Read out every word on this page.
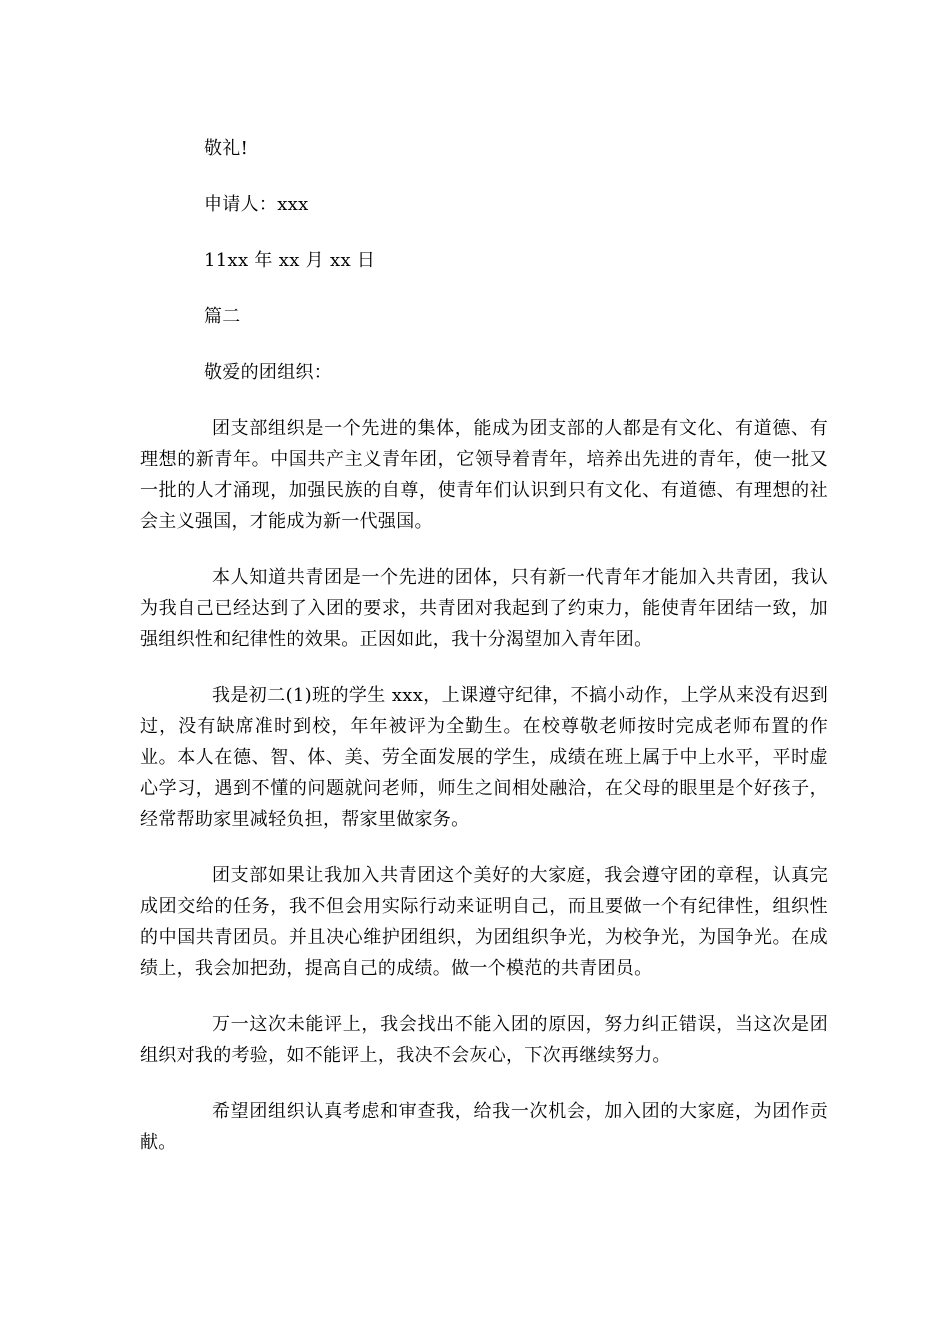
敬礼!

申请人：xxx

11xx 年 xx 月 xx 日

篇二

敬爱的团组织：

团支部组织是一个先进的集体，能成为团支部的人都是有文化、有道德、有理想的新青年。中国共产主义青年团，它领导着青年，培养出先进的青年，使一批又一批的人才涌现，加强民族的自尊，使青年们认识到只有文化、有道德、有理想的社会主义强国，才能成为新一代强国。

本人知道共青团是一个先进的团体，只有新一代青年才能加入共青团，我认为我自己已经达到了入团的要求，共青团对我起到了约束力，能使青年团结一致，加强组织性和纪律性的效果。正因如此，我十分渴望加入青年团。

我是初二(1)班的学生 xxx，上课遵守纪律，不搞小动作，上学从来没有迟到过，没有缺席准时到校，年年被评为全勤生。在校尊敬老师按时完成老师布置的作业。本人在德、智、体、美、劳全面发展的学生，成绩在班上属于中上水平，平时虚心学习，遇到不懂的问题就问老师，师生之间相处融洽，在父母的眼里是个好孩子，经常帮助家里减轻负担，帮家里做家务。

团支部如果让我加入共青团这个美好的大家庭，我会遵守团的章程，认真完成团交给的任务，我不但会用实际行动来证明自己，而且要做一个有纪律性，组织性的中国共青团员。并且决心维护团组织，为团组织争光，为校争光，为国争光。在成绩上，我会加把劲，提高自己的成绩。做一个模范的共青团员。

万一这次未能评上，我会找出不能入团的原因，努力纠正错误，当这次是团组织对我的考验，如不能评上，我决不会灰心，下次再继续努力。

希望团组织认真考虑和审查我，给我一次机会，加入团的大家庭，为团作贡献。
